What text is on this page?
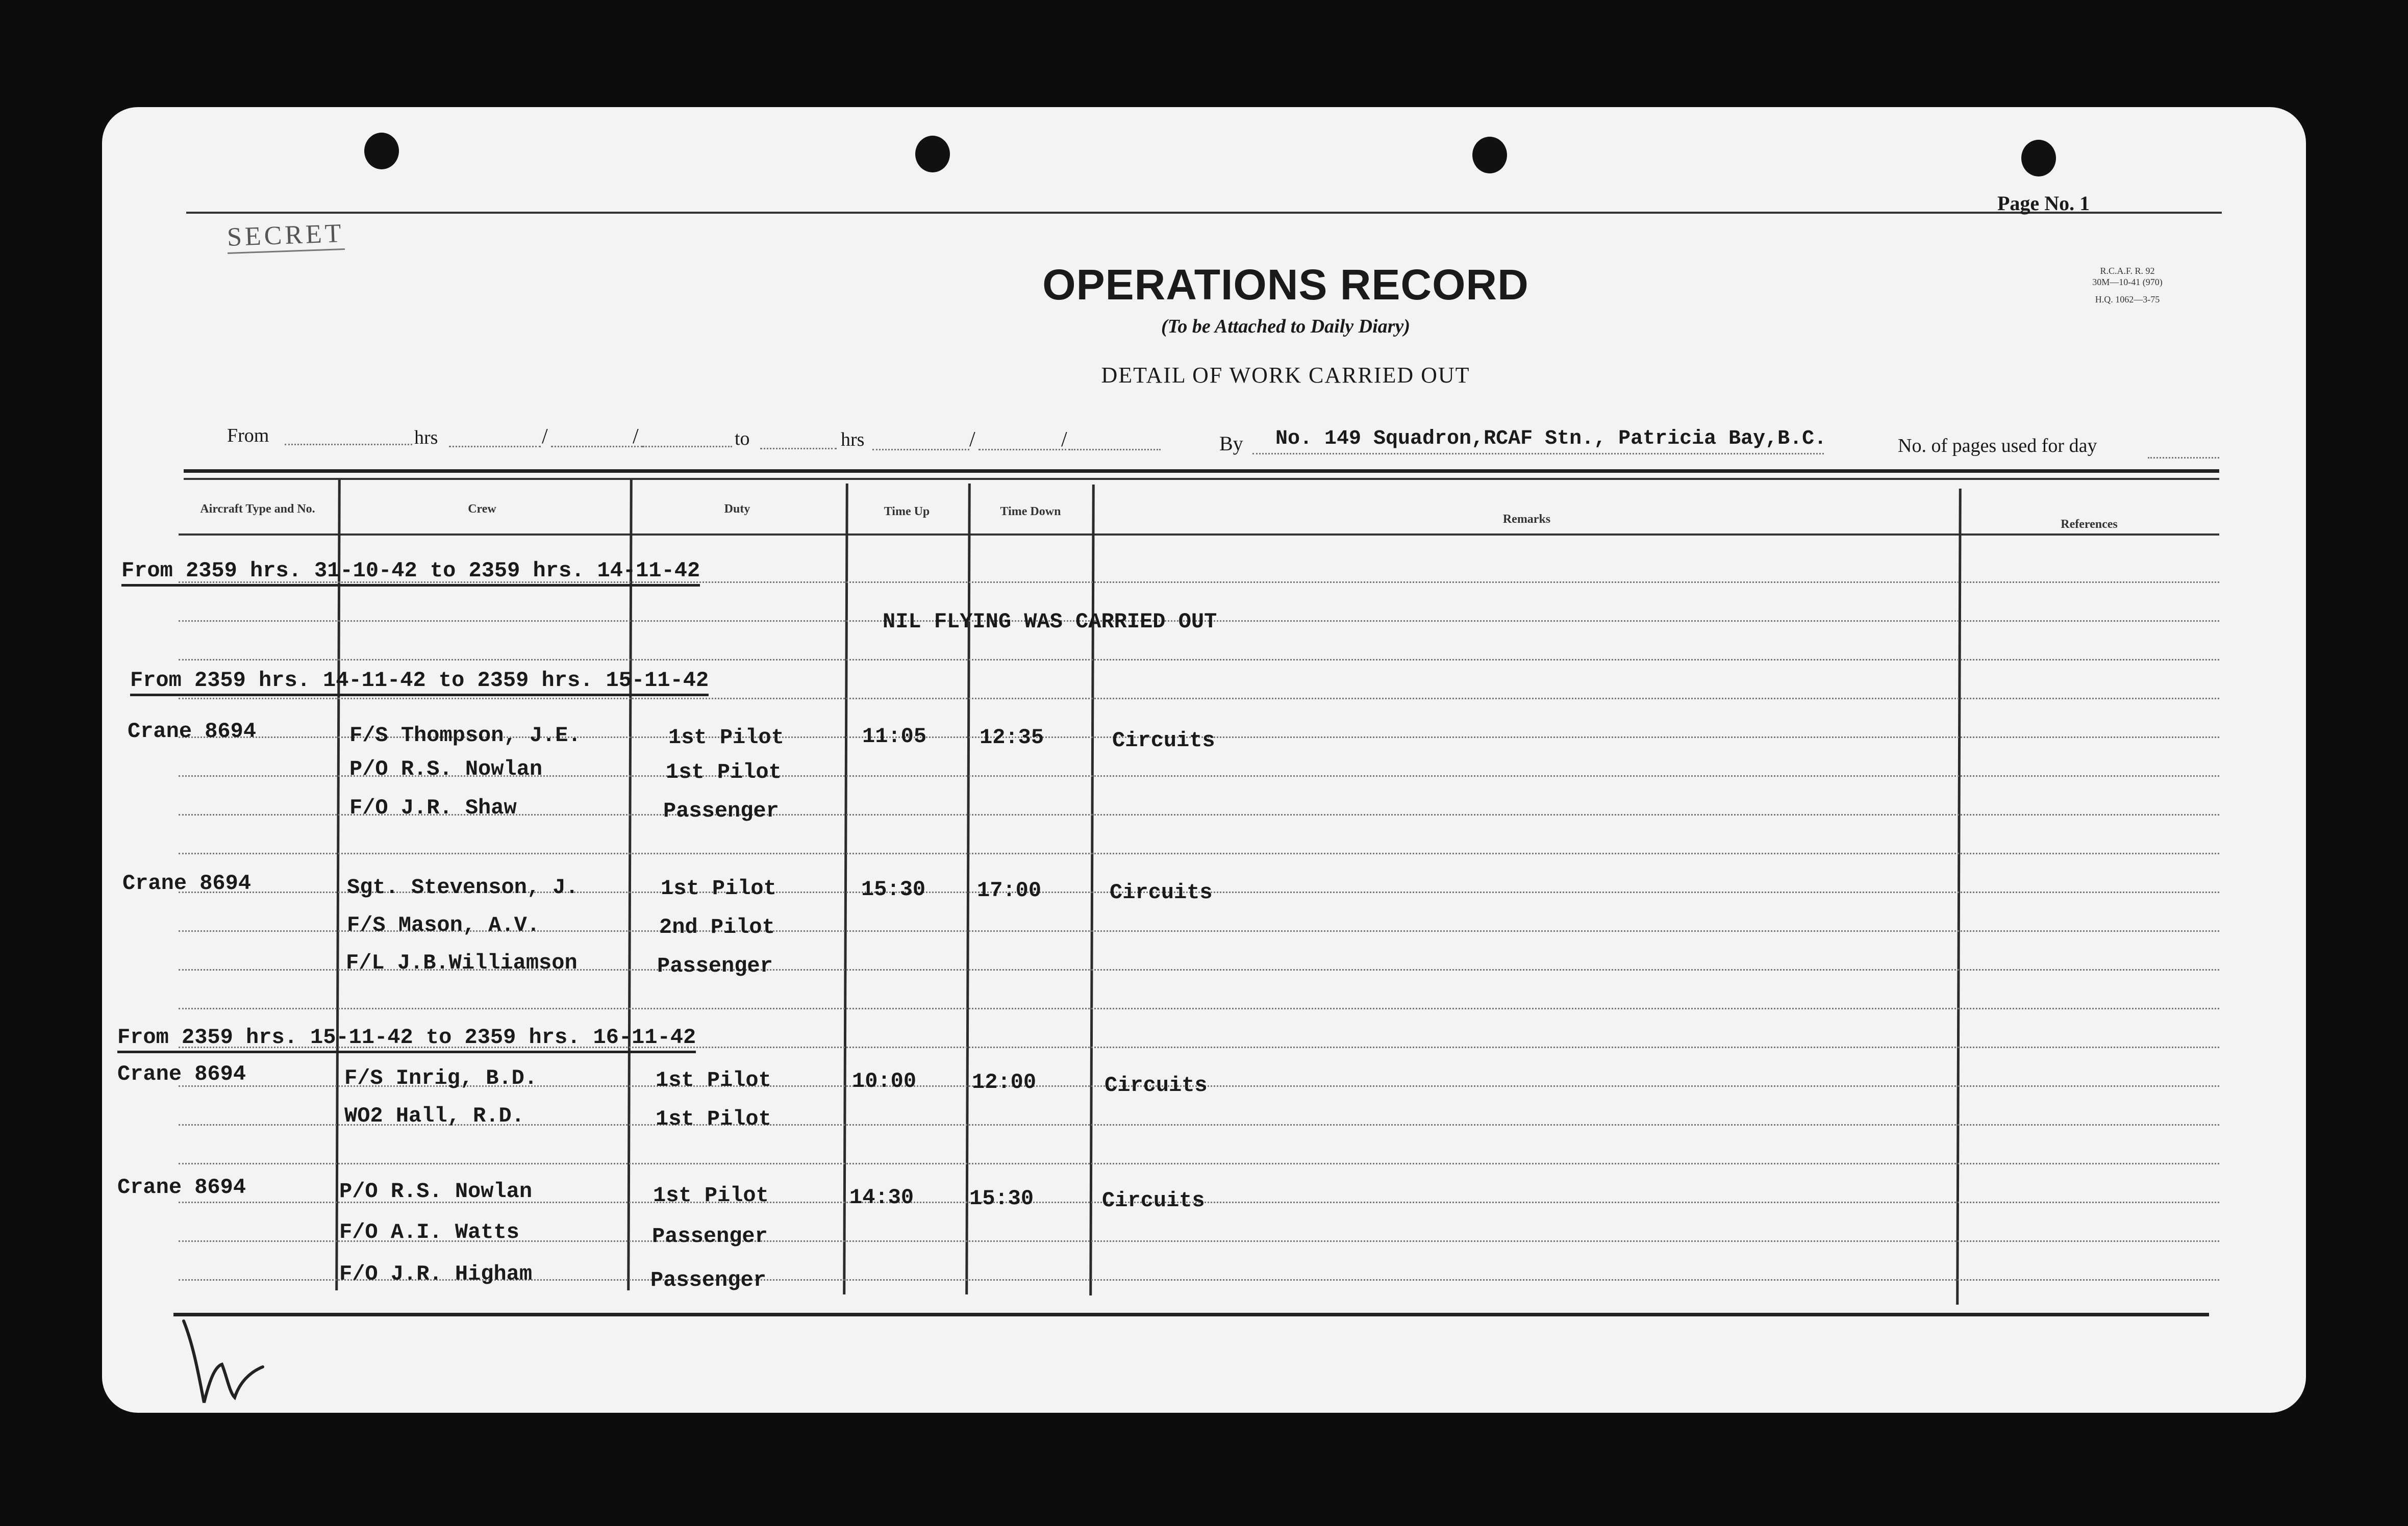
Page No. 1
SECRET
OPERATIONS RECORD
(To be Attached to Daily Diary)
DETAIL OF WORK CARRIED OUT
R.C.A.F. R. 92
30M—10-41 (970)
H.Q. 1062—3-75
From	hrs	/	/	to	hrs	/	/	By No. 149 Squadron,RCAF Stn., Patricia Bay,B.C.	No. of pages used for day
Aircraft Type and No.	Crew	Duty	Time Up	Time Down
Remarks	References
From 2359 hrs. 31-10-42 to 2359 hrs. 14-11-42
NIL FLYING WAS CARRIED OUT
From 2359 hrs. 14-11-42 to 2359 hrs. 15-11-42
Crane 8694	F/S Thompson, J.E.	1st Pilot	11:05 12:35	Circuits
P/O R.S. Nowlan	1st Pilot
F/O J.R. Shaw	Passenger
Crane 8694	Sgt. Stevenson, J.	1st Pilot	15:30 17:00	Circuits
F/S Mason, A.V.	2nd Pilot
F/L J.B.Williamson	Passenger
From 2359 hrs. 15-11-42 to 2359 hrs. 16-11-42
Crane 8694	F/S Inrig, B.D.	1st Pilot	10:00	12:00	Circuits
WO2 Hall, R.D.	1st Pilot
Crane 8694	P/O R.S. Nowlan	1st Pilot	14:30	15:30	Circuits
F/O A.I. Watts	Passenger
F/O J.R. Higham	Passenger
